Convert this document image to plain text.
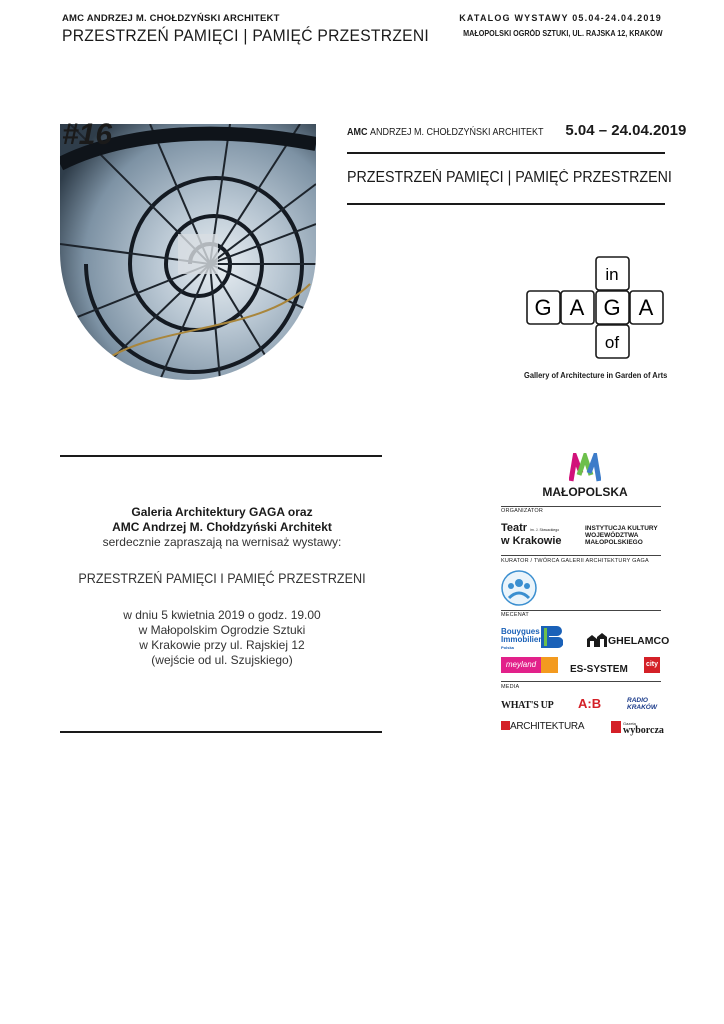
AMC ANDRZEJ M. CHOŁDZYŃSKI ARCHITEKT
PRZESTRZEŃ PAMIĘCI | PAMIĘĆ PRZESTRZENI
KATALOG WYSTAWY 05.04-24.04.2019
MAŁOPOLSKI OGRÓD SZTUKI, UL. RAJSKA 12, KRAKÓW
#16	AMC ANDRZEJ M. CHOŁDZYŃSKI ARCHITEKT 5.04 – 24.04.2019
PRZESTRZEŃ PAMIĘCI | PAMIĘĆ PRZESTRZENI
in
G A G A
of
Gallery of Architecture in Garden of Arts
Galeria Architektury GAGA oraz
AMC Andrzej M. Chołdzyński Architekt
serdecznie zapraszają na wernisaż wystawy:
PRZESTRZEŃ PAMIĘCI I PAMIĘĆ PRZESTRZENI
w dniu 5 kwietnia 2019 o godz. 19.00
w Małopolskim Ogrodzie Sztuki
w Krakowie przy ul. Rajskiej 12
(wejście od ul. Szujskiego)
MAŁOPOLSKA
ORGANIZATOR
Teatr im. J. Słowackiego
w Krakowie
INSTYTUCJA KULTURY
WOJEWÓDZTWA
MAŁOPOLSKIEGO
KURATOR / TWÓRCA GALERII ARCHITEKTURY GAGA
MECENAT
Bouygues
Immobilier
Polska
GHELAMCO
meyland	ES-SYSTEM	city
MEDIA
WHAT'S UP A:B	RADIO
KRAKÓW
ARCHITEKTURA	Gazeta
wyborcza
